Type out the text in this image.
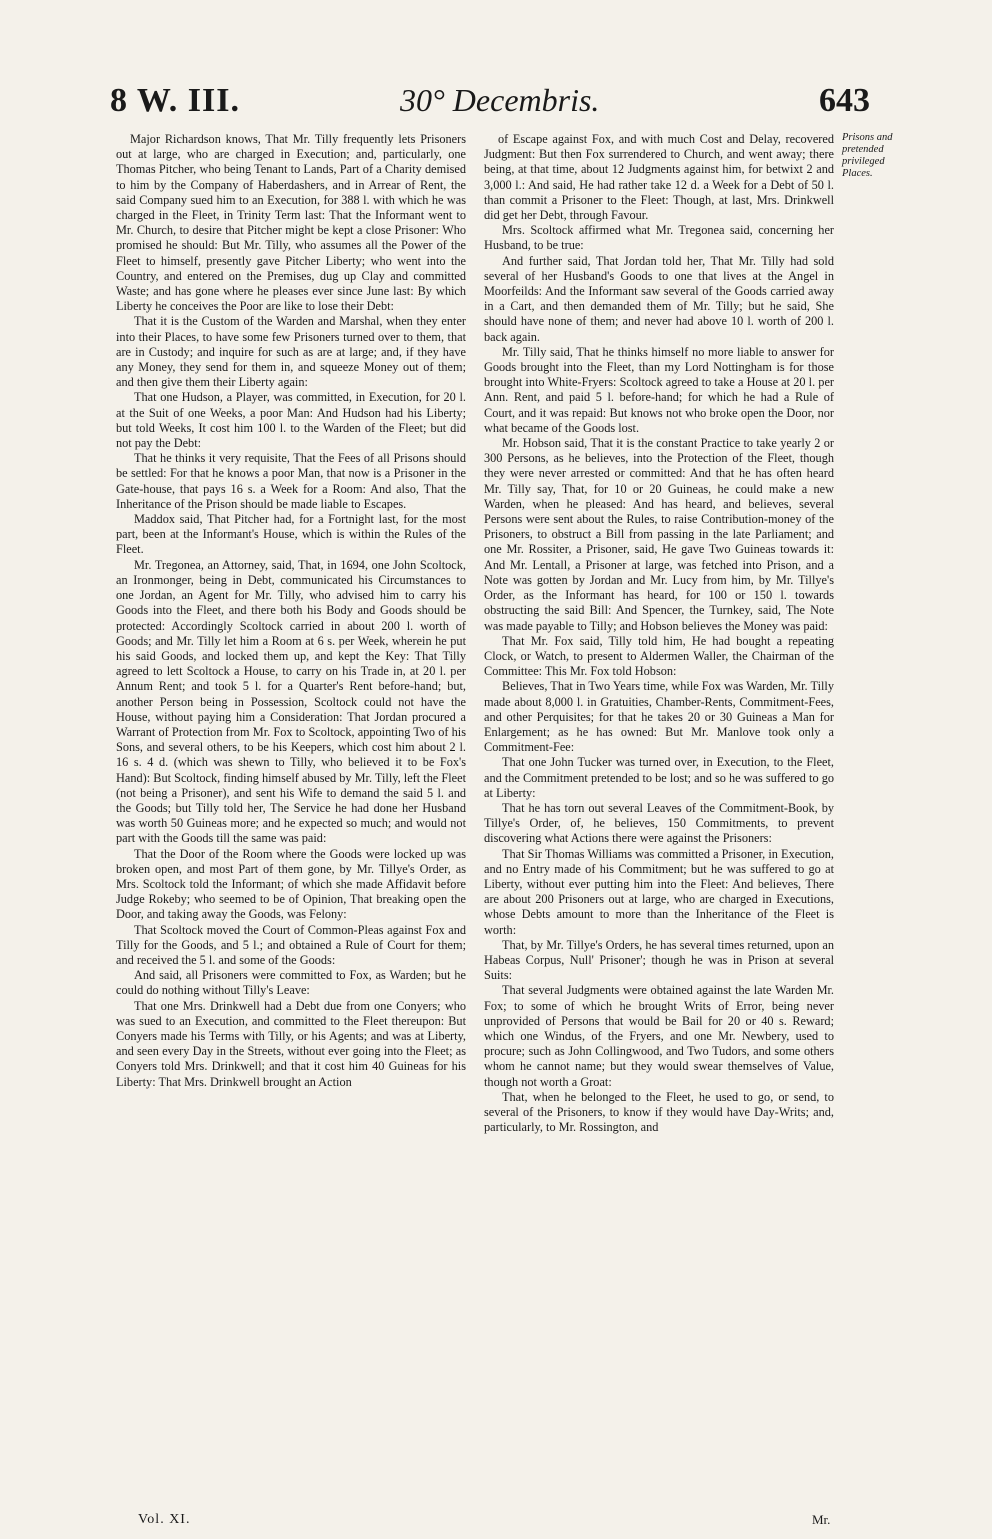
8 W. III.	30° Decembris.	643

Major Richardson knows, That Mr. Tilly frequently lets Prisoners out at large, who are charged in Execution; and, particularly, one Thomas Pitcher, who being Tenant to Lands, Part of a Charity demised to him by the Company of Haberdashers, and in Arrear of Rent, the said Company sued him to an Execution, for 388 l. with which he was charged in the Fleet, in Trinity Term last: That the Informant went to Mr. Church, to desire that Pitcher might be kept a close Prisoner: Who promised he should: But Mr. Tilly, who assumes all the Power of the Fleet to himself, presently gave Pitcher Liberty; who went into the Country, and entered on the Premises, dug up Clay and committed Waste; and has gone where he pleases ever since June last: By which Liberty he conceives the Poor are like to lose their Debt:

That it is the Custom of the Warden and Marshal, when they enter into their Places, to have some few Prisoners turned over to them, that are in Custody; and inquire for such as are at large; and, if they have any Money, they send for them in, and squeeze Money out of them; and then give them their Liberty again:

That one Hudson, a Player, was committed, in Execution, for 20 l. at the Suit of one Weeks, a poor Man: And Hudson had his Liberty; but told Weeks, It cost him 100 l. to the Warden of the Fleet; but did not pay the Debt:

That he thinks it very requisite, That the Fees of all Prisons should be settled: For that he knows a poor Man, that now is a Prisoner in the Gate-house, that pays 16 s. a Week for a Room: And also, That the Inheritance of the Prison should be made liable to Escapes.

Maddox said, That Pitcher had, for a Fortnight last, for the most part, been at the Informant's House, which is within the Rules of the Fleet.

Mr. Tregonea, an Attorney, said, That, in 1694, one John Scoltock, an Ironmonger, being in Debt, communicated his Circumstances to one Jordan, an Agent for Mr. Tilly, who advised him to carry his Goods into the Fleet, and there both his Body and Goods should be protected: Accordingly Scoltock carried in about 200 l. worth of Goods; and Mr. Tilly let him a Room at 6 s. per Week, wherein he put his said Goods, and locked them up, and kept the Key: That Tilly agreed to lett Scoltock a House, to carry on his Trade in, at 20 l. per Annum Rent; and took 5 l. for a Quarter's Rent before-hand; but, another Person being in Possession, Scoltock could not have the House, without paying him a Consideration: That Jordan procured a Warrant of Protection from Mr. Fox to Scoltock, appointing Two of his Sons, and several others, to be his Keepers, which cost him about 2 l. 16 s. 4 d. (which was shewn to Tilly, who believed it to be Fox's Hand): But Scoltock, finding himself abused by Mr. Tilly, left the Fleet (not being a Prisoner), and sent his Wife to demand the said 5 l. and the Goods; but Tilly told her, The Service he had done her Husband was worth 50 Guineas more; and he expected so much; and would not part with the Goods till the same was paid:

That the Door of the Room where the Goods were locked up was broken open, and most Part of them gone, by Mr. Tillye's Order, as Mrs. Scoltock told the Informant; of which she made Affidavit before Judge Rokeby; who seemed to be of Opinion, That breaking open the Door, and taking away the Goods, was Felony:

That Scoltock moved the Court of Common-Pleas against Fox and Tilly for the Goods, and 5 l.; and obtained a Rule of Court for them; and received the 5 l. and some of the Goods:

And said, all Prisoners were committed to Fox, as Warden; but he could do nothing without Tilly's Leave:

That one Mrs. Drinkwell had a Debt due from one Conyers; who was sued to an Execution, and committed to the Fleet thereupon: But Conyers made his Terms with Tilly, or his Agents; and was at Liberty, and seen every Day in the Streets, without ever going into the Fleet; as Conyers told Mrs. Drinkwell; and that it cost him 40 Guineas for his Liberty: That Mrs. Drinkwell brought an Action

of Escape against Fox, and with much Cost and Delay, recovered Judgment: But then Fox surrendered to Church, and went away; there being, at that time, about 12 Judgments against him, for betwixt 2 and 3,000 l.: And said, He had rather take 12 d. a Week for a Debt of 50 l. than commit a Prisoner to the Fleet: Though, at last, Mrs. Drinkwell did get her Debt, through Favour.

Mrs. Scoltock affirmed what Mr. Tregonea said, concerning her Husband, to be true:

And further said, That Jordan told her, That Mr. Tilly had sold several of her Husband's Goods to one that lives at the Angel in Moorfeilds: And the Informant saw several of the Goods carried away in a Cart, and then demanded them of Mr. Tilly; but he said, She should have none of them; and never had above 10 l. worth of 200 l. back again.

Mr. Tilly said, That he thinks himself no more liable to answer for Goods brought into the Fleet, than my Lord Nottingham is for those brought into White-Fryers: Scoltock agreed to take a House at 20 l. per Ann. Rent, and paid 5 l. before-hand; for which he had a Rule of Court, and it was repaid: But knows not who broke open the Door, nor what became of the Goods lost.

Mr. Hobson said, That it is the constant Practice to take yearly 2 or 300 Persons, as he believes, into the Protection of the Fleet, though they were never arrested or committed: And that he has often heard Mr. Tilly say, That, for 10 or 20 Guineas, he could make a new Warden, when he pleased: And has heard, and believes, several Persons were sent about the Rules, to raise Contribution-money of the Prisoners, to obstruct a Bill from passing in the late Parliament; and one Mr. Rossiter, a Prisoner, said, He gave Two Guineas towards it: And Mr. Lentall, a Prisoner at large, was fetched into Prison, and a Note was gotten by Jordan and Mr. Lucy from him, by Mr. Tillye's Order, as the Informant has heard, for 100 or 150 l. towards obstructing the said Bill: And Spencer, the Turnkey, said, The Note was made payable to Tilly; and Hobson believes the Money was paid:

That Mr. Fox said, Tilly told him, He had bought a repeating Clock, or Watch, to present to Aldermen Waller, the Chairman of the Committee: This Mr. Fox told Hobson:

Believes, That in Two Years time, while Fox was Warden, Mr. Tilly made about 8,000 l. in Gratuities, Chamber-Rents, Commitment-Fees, and other Perquisites; for that he takes 20 or 30 Guineas a Man for Enlargement; as he has owned: But Mr. Manlove took only a Commitment-Fee:

That one John Tucker was turned over, in Execution, to the Fleet, and the Commitment pretended to be lost; and so he was suffered to go at Liberty:

That he has torn out several Leaves of the Commitment-Book, by Tillye's Order, of, he believes, 150 Commitments, to prevent discovering what Actions there were against the Prisoners:

That Sir Thomas Williams was committed a Prisoner, in Execution, and no Entry made of his Commitment; but he was suffered to go at Liberty, without ever putting him into the Fleet: And believes, There are about 200 Prisoners out at large, who are charged in Executions, whose Debts amount to more than the Inheritance of the Fleet is worth:

That, by Mr. Tillye's Orders, he has several times returned, upon an Habeas Corpus, Null' Prisoner'; though he was in Prison at several Suits:

That several Judgments were obtained against the late Warden Mr. Fox; to some of which he brought Writs of Error, being never unprovided of Persons that would be Bail for 20 or 40 s. Reward; which one Windus, of the Fryers, and one Mr. Newbery, used to procure; such as John Collingwood, and Two Tudors, and some others whom he cannot name; but they would swear themselves of Value, though not worth a Groat:

That, when he belonged to the Fleet, he used to go, or send, to several of the Prisoners, to know if they would have Day-Writs; and, particularly, to Mr. Rossington, and

Prisons and pretended privileged Places.
Vol. XI.	Mr.
